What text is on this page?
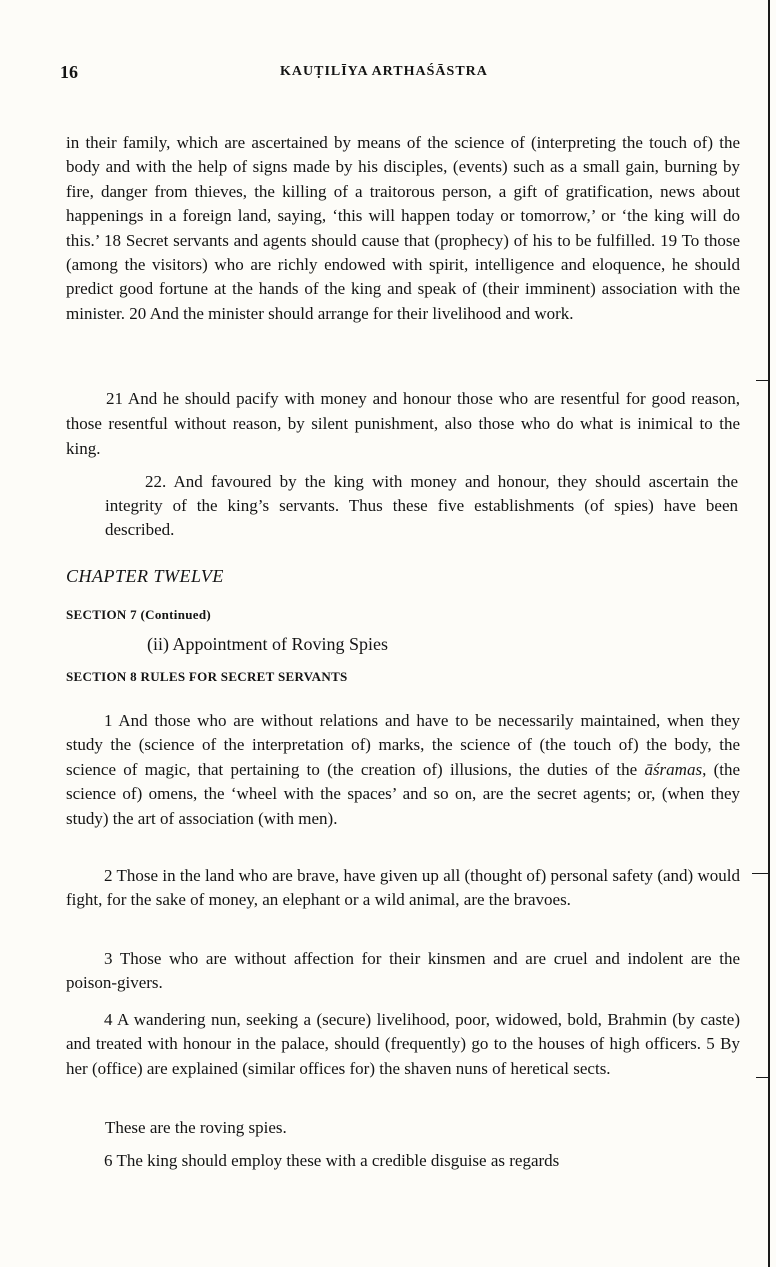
16	KAUṬILĪYA ARTHAŚĀSTRA

in their family, which are ascertained by means of the science of (interpreting the touch of) the body and with the help of signs made by his disciples, (events) such as a small gain, burning by fire, danger from thieves, the killing of a traitorous person, a gift of gratification, news about happenings in a foreign land, saying, ‘this will happen today or tomorrow,’ or ‘the king will do this.’ 18 Secret servants and agents should cause that (prophecy) of his to be fulfilled. 19 To those (among the visitors) who are richly endowed with spirit, intelligence and eloquence, he should predict good fortune at the hands of the king and speak of (their imminent) association with the minister. 20 And the minister should arrange for their livelihood and work.

21 And he should pacify with money and honour those who are resentful for good reason, those resentful without reason, by silent punishment, also those who do what is inimical to the king.

22. And favoured by the king with money and honour, they should ascertain the integrity of the king’s servants. Thus these five establishments (of spies) have been described.

CHAPTER TWELVE
SECTION 7 (Continued)
(ii) Appointment of Roving Spies
SECTION 8 RULES FOR SECRET SERVANTS

1 And those who are without relations and have to be necessarily maintained, when they study the (science of the interpretation of) marks, the science of (the touch of) the body, the science of magic, that pertaining to (the creation of) illusions, the duties of the āśramas, (the science of) omens, the ‘wheel with the spaces’ and so on, are the secret agents; or, (when they study) the art of association (with men).

2 Those in the land who are brave, have given up all (thought of) personal safety (and) would fight, for the sake of money, an elephant or a wild animal, are the bravoes.

3 Those who are without affection for their kinsmen and are cruel and indolent are the poison-givers.

4 A wandering nun, seeking a (secure) livelihood, poor, widowed, bold, Brahmin (by caste) and treated with honour in the palace, should (frequently) go to the houses of high officers. 5 By her (office) are explained (similar offices for) the shaven nuns of heretical sects.

These are the roving spies.

6 The king should employ these with a credible disguise as regards
